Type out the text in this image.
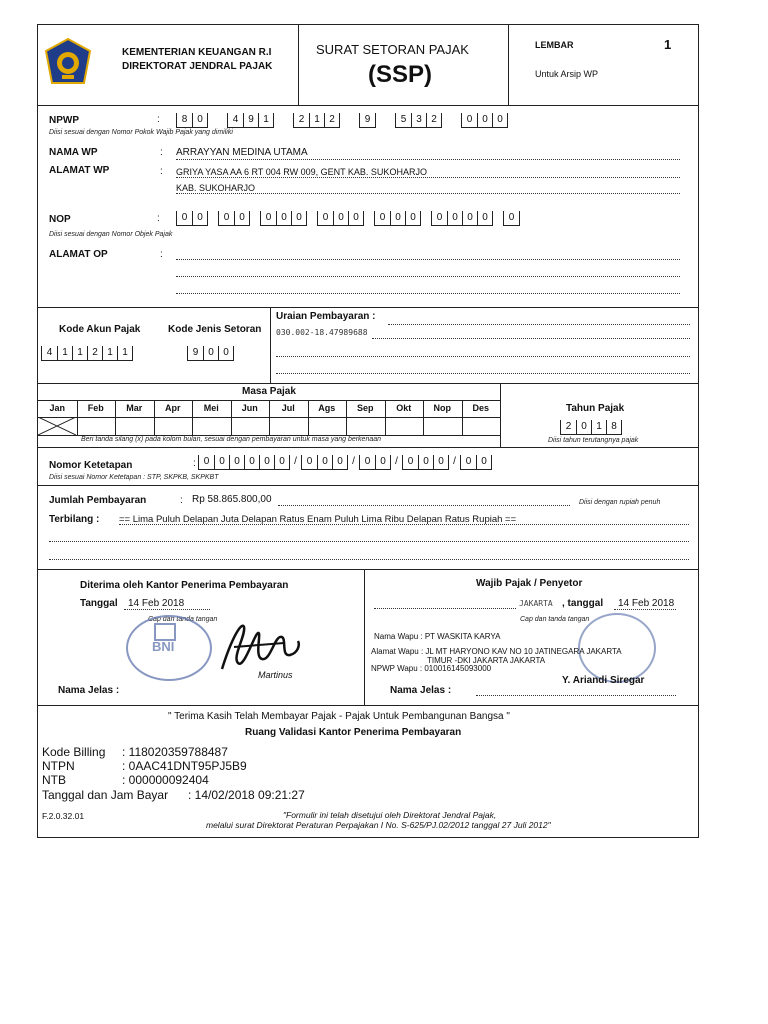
KEMENTERIAN KEUANGAN R.I
DIREKTORAT JENDRAL PAJAK
SURAT SETORAN PAJAK
(SSP)
LEMBAR	1
Untuk Arsip WP
NPWP	:	8 0	4 9 1	2 1 2	9	5 3 2	0 0 0
Diisi sesuai dengan Nomor Pokok Wajib Pajak yang dimiliki
NAMA WP	: ARRAYYAN MEDINA UTAMA
ALAMAT WP	: GRIYA YASA AA 6 RT 004 RW 009, GENT KAB. SUKOHARJO
KAB. SUKOHARJO
NOP	:	0 0	0 0	0 0 0	0 0 0	0 0 0	0 0 0 0	0
Diisi sesuai dengan Nomor Objek Pajak
ALAMAT OP	:
Kode Akun Pajak	Kode Jenis Setoran
4 1 1 2 1 1	9 0 0
Uraian Pembayaran :
030.002-18.47989688
Masa Pajak
Jan	Feb	Mar	Apr	Mei	Jun	Jul	Ags	Sep	Okt	Nop	Des
Beri tanda silang (x) pada kolom bulan, sesuai dengan pembayaran untuk masa yang berkenaan
Tahun Pajak
2 0 1 8
Diisi tahun terutangnya pajak
Nomor Ketetapan	: 0 0 0 0 0 0 / 0 0 0 / 0 0 / 0 0 0 / 0 0
Diisi sesuai Nomor Ketetapan : STP, SKPKB, SKPKBT
Jumlah Pembayaran	: Rp 58.865.800,00	Diisi dengan rupiah penuh
Terbilang : == Lima Puluh Delapan Juta Delapan Ratus Enam Puluh Lima Ribu Delapan Ratus Rupiah ==
Diterima oleh Kantor Penerima Pembayaran
Tanggal 14 Feb 2018
Cap dan tanda tangan
BNI
Martinus
Nama Jelas :
Wajib Pajak / Penyetor
JAKARTA , tanggal 14 Feb 2018
Cap dan tanda tangan
Nama Wapu : PT WASKITA KARYA
Alamat Wapu : JL MT HARYONO KAV NO 10 JATINEGARA JAKARTA
TIMUR -DKI JAKARTA JAKARTA
NPWP Wapu : 010016145093000
Y. Ariandi Siregar
Nama Jelas :
" Terima Kasih Telah Membayar Pajak - Pajak Untuk Pembangunan Bangsa "
Ruang Validasi Kantor Penerima Pembayaran
Kode Billing : 118020359788487
NTPN	: 0AAC41DNT95PJ5B9
NTB	: 000000092404
Tanggal dan Jam Bayar : 14/02/2018 09:21:27
F.2.0.32.01	"Formulir ini telah disetujui oleh Direktorat Jendral Pajak,
melalui surat Direktorat Peraturan Perpajakan I No. S-625/PJ.02/2012 tanggal 27 Juli 2012"
